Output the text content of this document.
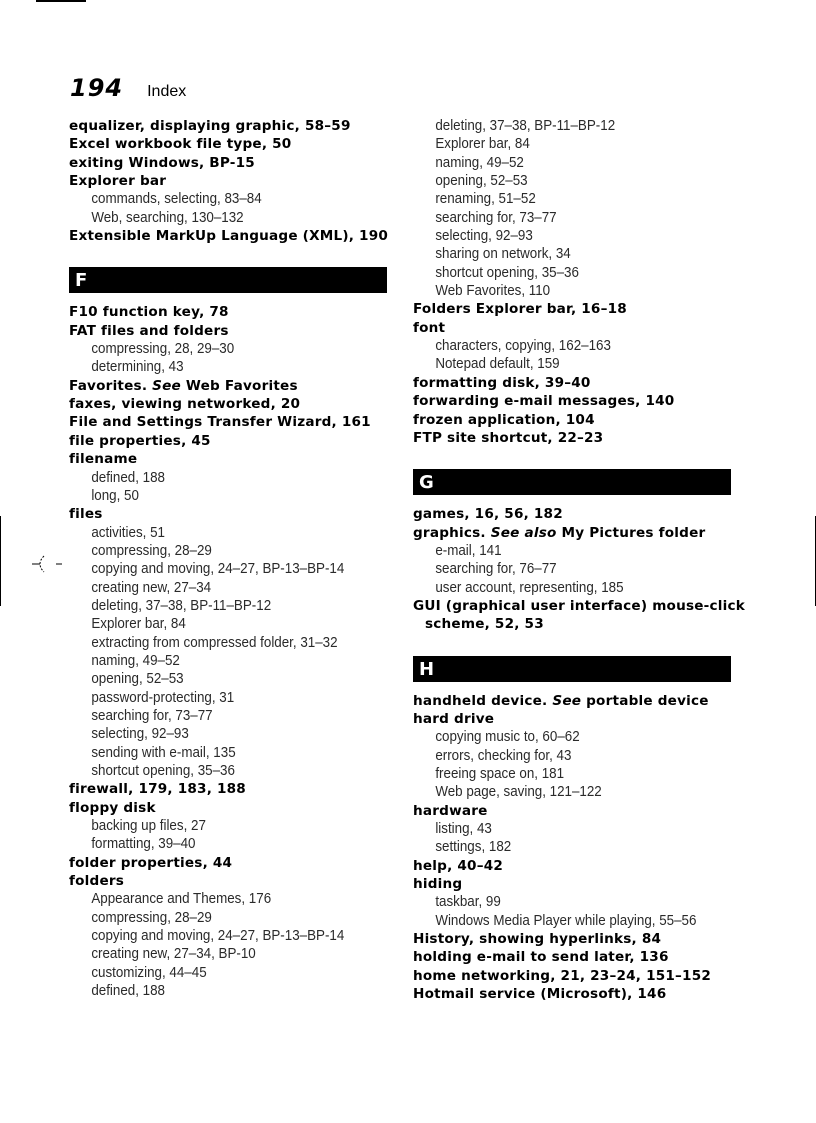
194 Index
equalizer, displaying graphic, 58–59
Excel workbook file type, 50
exiting Windows, BP-15
Explorer bar
commands, selecting, 83–84
Web, searching, 130–132
Extensible MarkUp Language (XML), 190
F
F10 function key, 78
FAT files and folders
compressing, 28, 29–30
determining, 43
Favorites. See Web Favorites
faxes, viewing networked, 20
File and Settings Transfer Wizard, 161
file properties, 45
filename
defined, 188
long, 50
files
activities, 51
compressing, 28–29
copying and moving, 24–27, BP-13–BP-14
creating new, 27–34
deleting, 37–38, BP-11–BP-12
Explorer bar, 84
extracting from compressed folder, 31–32
naming, 49–52
opening, 52–53
password-protecting, 31
searching for, 73–77
selecting, 92–93
sending with e-mail, 135
shortcut opening, 35–36
firewall, 179, 183, 188
floppy disk
backing up files, 27
formatting, 39–40
folder properties, 44
folders
Appearance and Themes, 176
compressing, 28–29
copying and moving, 24–27, BP-13–BP-14
creating new, 27–34, BP-10
customizing, 44–45
defined, 188
deleting, 37–38, BP-11–BP-12
Explorer bar, 84
naming, 49–52
opening, 52–53
renaming, 51–52
searching for, 73–77
selecting, 92–93
sharing on network, 34
shortcut opening, 35–36
Web Favorites, 110
Folders Explorer bar, 16–18
font
characters, copying, 162–163
Notepad default, 159
formatting disk, 39–40
forwarding e-mail messages, 140
frozen application, 104
FTP site shortcut, 22–23
G
games, 16, 56, 182
graphics. See also My Pictures folder
e-mail, 141
searching for, 76–77
user account, representing, 185
GUI (graphical user interface) mouse-click
scheme, 52, 53
H
handheld device. See portable device
hard drive
copying music to, 60–62
errors, checking for, 43
freeing space on, 181
Web page, saving, 121–122
hardware
listing, 43
settings, 182
help, 40–42
hiding
taskbar, 99
Windows Media Player while playing, 55–56
History, showing hyperlinks, 84
holding e-mail to send later, 136
home networking, 21, 23–24, 151–152
Hotmail service (Microsoft), 146
